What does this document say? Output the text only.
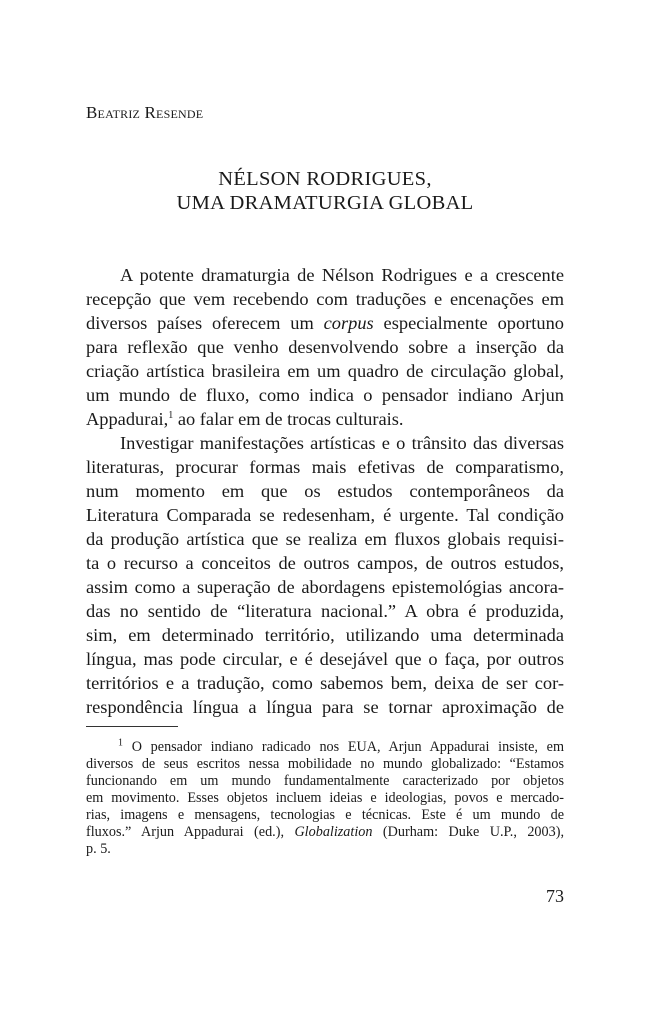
Beatriz Resende
NÉLSON RODRIGUES,
UMA DRAMATURGIA GLOBAL
A potente dramaturgia de Nélson Rodrigues e a crescente
recepção que vem recebendo com traduções e encenações em
diversos países oferecem um corpus especialmente oportuno
para reflexão que venho desenvolvendo sobre a inserção da
criação artística brasileira em um quadro de circulação global,
um mundo de fluxo, como indica o pensador indiano Arjun
Appadurai,$^1$ ao falar em de trocas culturais.
Investigar manifestações artísticas e o trânsito das diversas
literaturas, procurar formas mais efetivas de comparatismo,
num momento em que os estudos contemporâneos da
Literatura Comparada se redesenham, é urgente. Tal condição
da produção artística que se realiza em fluxos globais requisi-
ta o recurso a conceitos de outros campos, de outros estudos,
assim como a superação de abordagens epistemológias ancora-
das no sentido de “literatura nacional.” A obra é produzida,
sim, em determinado território, utilizando uma determinada
língua, mas pode circular, e é desejável que o faça, por outros
territórios e a tradução, como sabemos bem, deixa de ser cor-
respondência língua a língua para se tornar aproximação de
$^1$ O pensador indiano radicado nos EUA, Arjun Appadurai insiste, em
diversos de seus escritos nessa mobilidade no mundo globalizado: “Estamos
funcionando em um mundo fundamentalmente caracterizado por objetos
em movimento. Esses objetos incluem ideias e ideologias, povos e mercado-
rias, imagens e mensagens, tecnologias e técnicas. Este é um mundo de
fluxos.” Arjun Appadurai (ed.), Globalization (Durham: Duke U.P., 2003),
p. 5.
73
